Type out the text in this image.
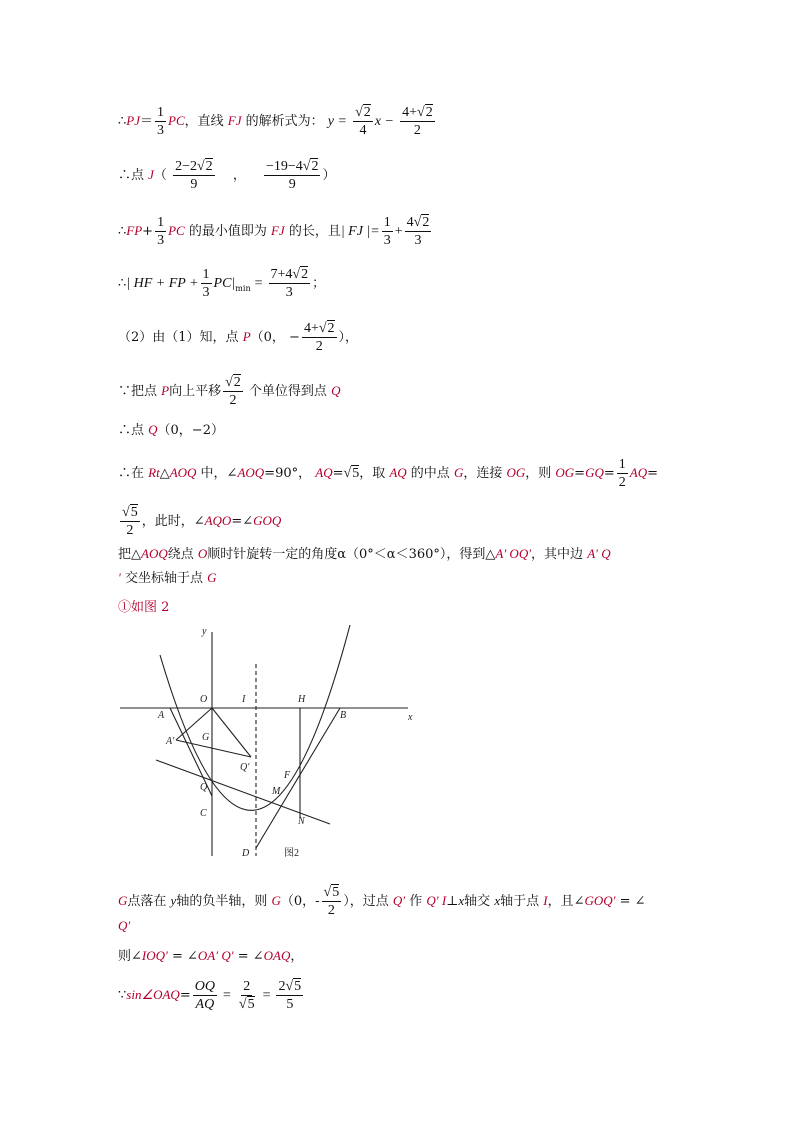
∴PJ＝ $\frac{1}{3}$ PC，直线 FJ 的解析式为： $y = \frac{√2}{4}$ $x - \frac{4+√2}{2}$
∴点 $J( \frac{2-2√2}{9}$ ， $\frac{-19-4√2}{9}$ ）
∴FP+ $\frac{1}{3}$ PC 的最小值即为 FJ 的长，且| FJ |= $\frac{1}{3} + \frac{4√2}{3}$
∴| HF + FP + $\frac{1}{3} PC|_{min} = \frac{7+4√2}{3}$ ；
（2）由（1）知，点 P（0， − $\frac{4+√2}{2}$ ），
∵把点 P向上平移 $\frac{√2}{2}$ 个单位得到点 Q
∴点 Q（0，−2）
∴在 Rt△AOQ 中，∠AOQ=90°， AQ=√5，取 AQ 的中点 G，连接 OG，则 $OG=GQ= \frac{1}{2} AQ=$
$\frac{√5}{2}$ ，此时，∠AQO=∠GOQ
把△AOQ绕点 O顺时针旋转一定的角度α（0°＜α＜360°），得到△A′ OQ′，其中边 A′ Q
′ 交坐标轴于点 G
①如图 2
y
x
O	I	H
A	B
A′	G
Q′
Q
F
M
C
N
D	图2
G点落在 y轴的负半轴，则 G（0，- $\frac{√5}{2}$ ），过点 Q′ 作 Q′ I⊥x轴交 x轴于点 I，且∠GOQ′ = ∠
Q′
则∠IOQ′ = ∠OA′ Q′ = ∠OAQ，
∵sin∠OAQ= $\frac{OQ}{AQ} = \frac{2}{√5} = \frac{2√5}{5}$
